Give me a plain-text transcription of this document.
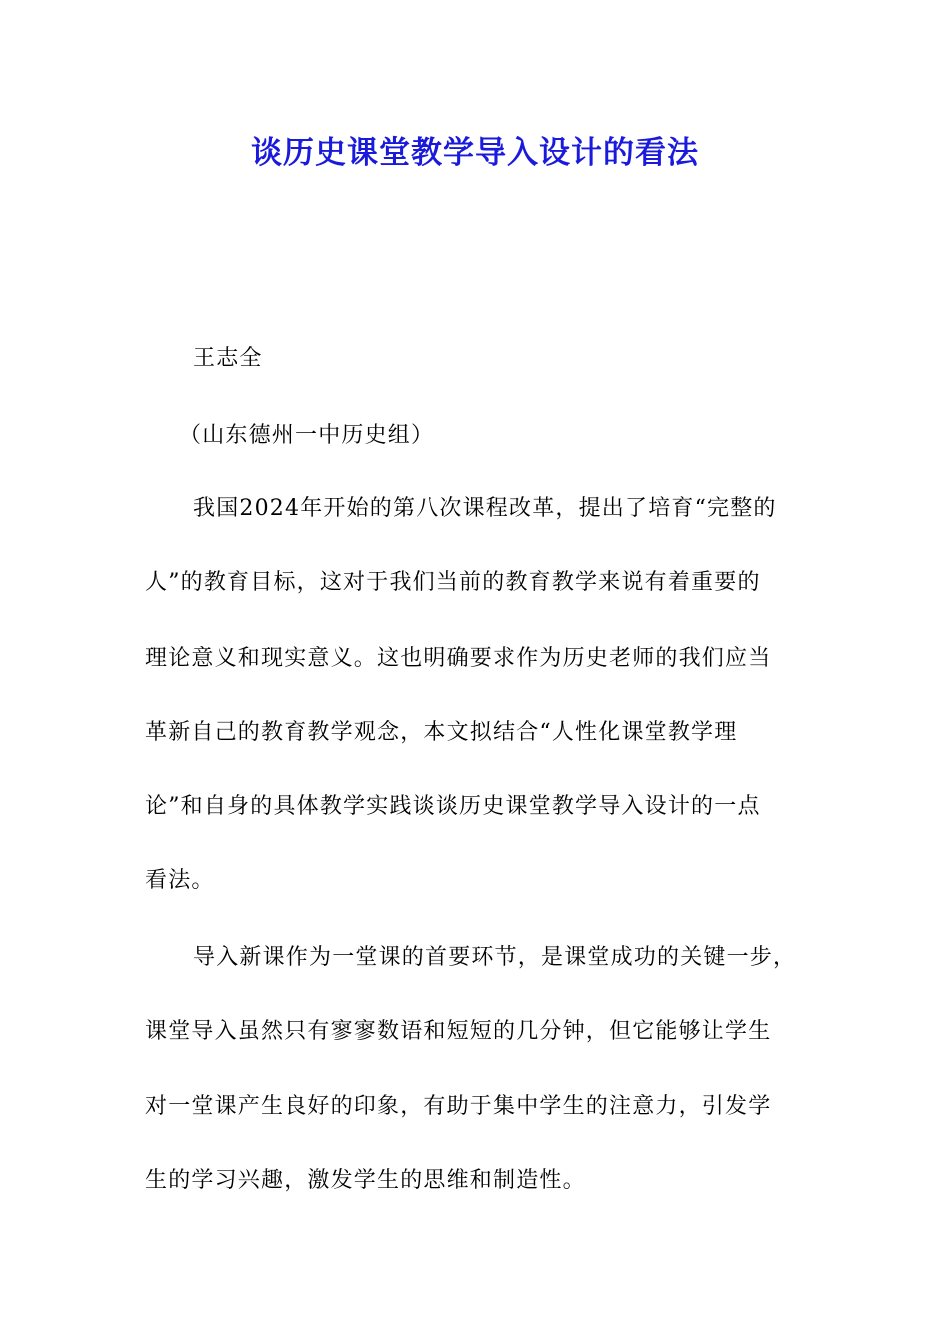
谈历史课堂教学导入设计的看法
王志全
（山东德州一中历史组）
我国2024年开始的第八次课程改革，提出了培育“完整的
人”的教育目标，这对于我们当前的教育教学来说有着重要的
理论意义和现实意义。这也明确要求作为历史老师的我们应当
革新自己的教育教学观念，本文拟结合“人性化课堂教学理
论”和自身的具体教学实践谈谈历史课堂教学导入设计的一点
看法。
导入新课作为一堂课的首要环节，是课堂成功的关键一步，
课堂导入虽然只有寥寥数语和短短的几分钟，但它能够让学生
对一堂课产生良好的印象，有助于集中学生的注意力，引发学
生的学习兴趣，激发学生的思维和制造性。
